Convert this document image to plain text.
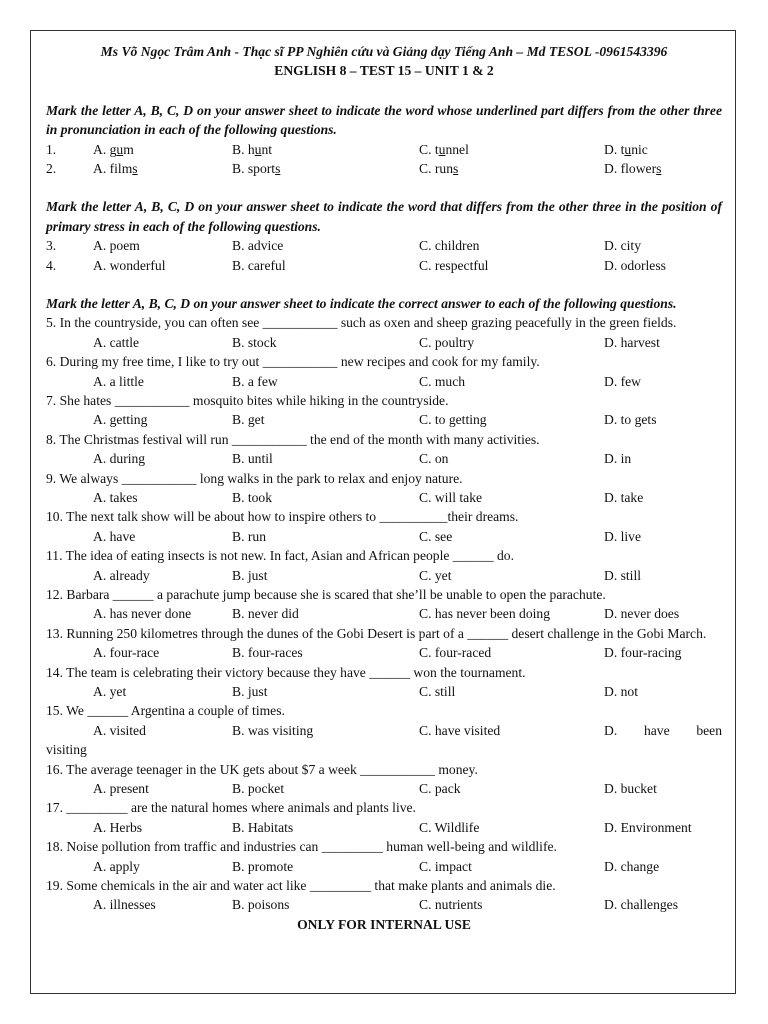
Ms Võ Ngọc Trâm Anh - Thạc sĩ PP Nghiên cứu và Giảng dạy Tiếng Anh – Md TESOL -0961543396
ENGLISH 8 – TEST 15 – UNIT 1 & 2
Mark the letter A, B, C, D on your answer sheet to indicate the word whose underlined part differs from the other three in pronunciation in each of the following questions.
1.	A. gum	B. hunt	C. tunnel	D. tunic
2.	A. films	B. sports	C. runs	D. flowers
Mark the letter A, B, C, D on your answer sheet to indicate the word that differs from the other three in the position of primary stress in each of the following questions.
3.	A. poem	B. advice	C. children	D. city
4.	A. wonderful	B. careful	C. respectful	D. odorless
Mark the letter A, B, C, D on your answer sheet to indicate the correct answer to each of the following questions.
5. In the countryside, you can often see ___________ such as oxen and sheep grazing peacefully in the green fields.
A. cattle	B. stock	C. poultry	D. harvest
6. During my free time, I like to try out ___________ new recipes and cook for my family.
A. a little	B. a few	C. much	D. few
7. She hates ___________ mosquito bites while hiking in the countryside.
A. getting	B. get	C. to getting	D. to gets
8. The Christmas festival will run ___________ the end of the month with many activities.
A. during	B. until	C. on	D. in
9. We always ___________ long walks in the park to relax and enjoy nature.
A. takes	B. took	C. will take	D. take
10. The next talk show will be about how to inspire others to __________their dreams.
A. have	B. run	C. see	D. live
11. The idea of eating insects is not new. In fact, Asian and African people ______ do.
A. already	B. just	C. yet	D. still
12. Barbara ______ a parachute jump because she is scared that she’ll be unable to open the parachute.
A. has never done	B. never did	C. has never been doing	D. never does
13. Running 250 kilometres through the dunes of the Gobi Desert is part of a ______ desert challenge in the Gobi March.
A. four-race	B. four-races	C. four-raced	D. four-racing
14. The team is celebrating their victory because they have ______ won the tournament.
A. yet	B. just	C. still	D. not
15. We ______ Argentina a couple of times.
A. visited	B. was visiting	C. have visited	D. have been
visiting
16. The average teenager in the UK gets about $7 a week ___________ money.
A. present	B. pocket	C. pack	D. bucket
17. _________ are the natural homes where animals and plants live.
A. Herbs	B. Habitats	C. Wildlife	D. Environment
18. Noise pollution from traffic and industries can _________ human well-being and wildlife.
A. apply	B. promote	C. impact	D. change
19. Some chemicals in the air and water act like _________ that make plants and animals die.
A. illnesses	B. poisons	C. nutrients	D. challenges
ONLY FOR INTERNAL USE
